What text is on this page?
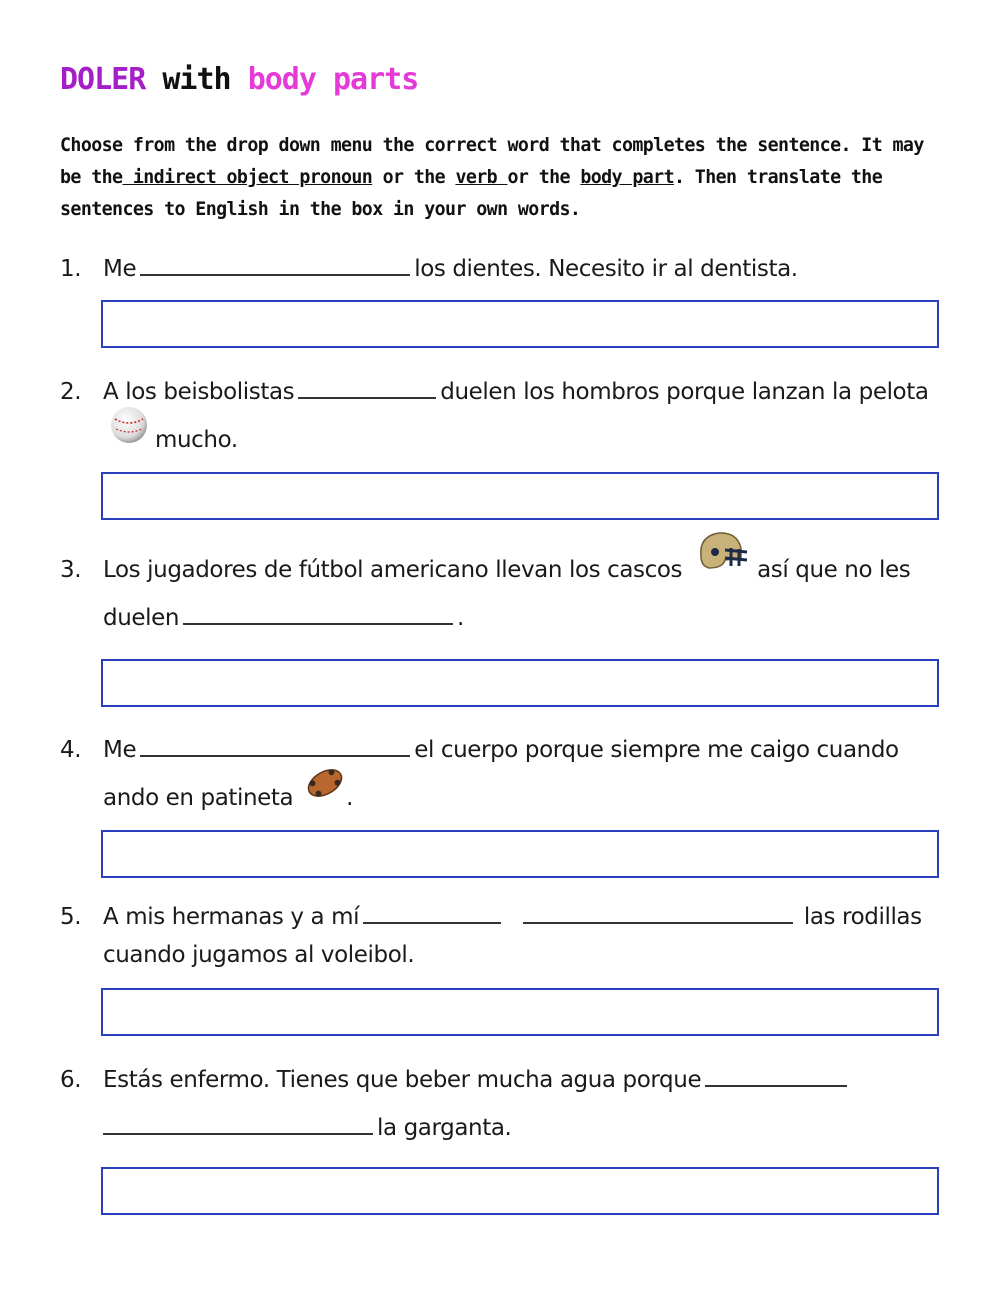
DOLER with body parts
Choose from the drop down menu the correct word that completes the sentence. It may be the indirect object pronoun or the verb or the body part. Then translate the sentences to English in the box in your own words.
1. Me	los dientes. Necesito ir al dentista.
2. A los beisbolistas	duelen los hombros porque lanzan la pelota mucho.
3. Los jugadores de fútbol americano llevan los cascos	así que no les duelen	.
4. Me	el cuerpo porque siempre me caigo cuando ando en patineta .
5. A mis hermanas y a mí	las rodillas cuando jugamos al voleibol.
6. Estás enfermo. Tienes que beber mucha agua porque la garganta.
